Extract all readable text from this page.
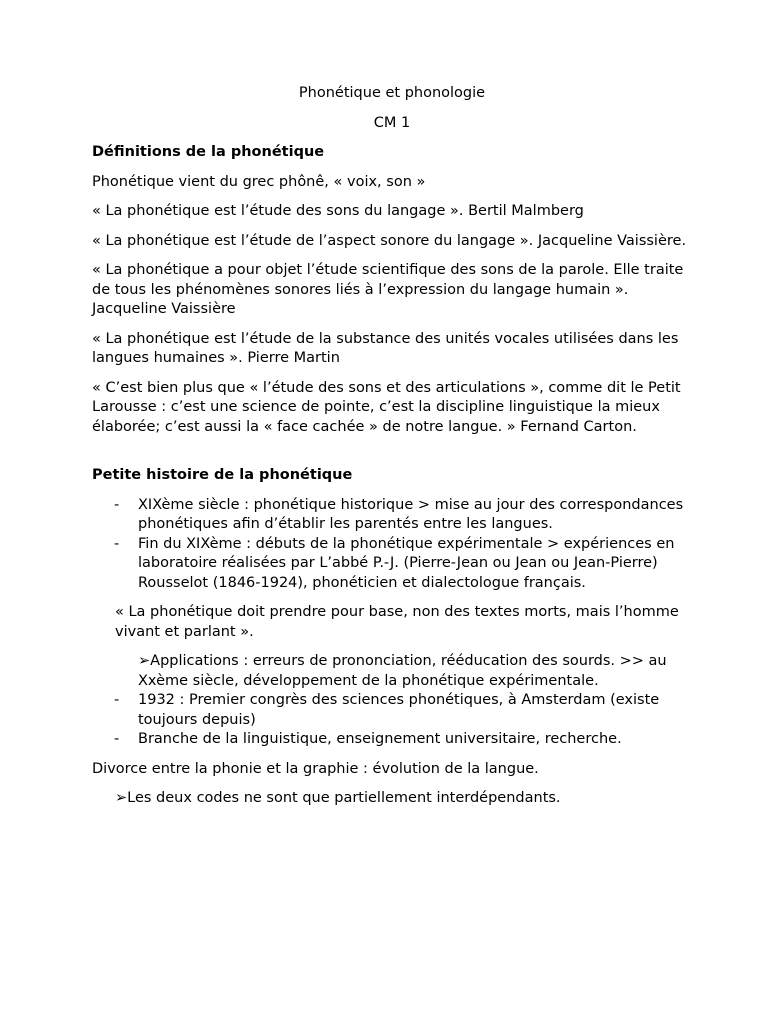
Phonétique et phonologie

CM 1

Définitions de la phonétique

Phonétique vient du grec phônê, « voix, son »

« La phonétique est l’étude des sons du langage ». Bertil Malmberg

« La phonétique est l’étude de l’aspect sonore du langage ». Jacqueline Vaissière.

« La phonétique a pour objet l’étude scientifique des sons de la parole. Elle traite de tous les phénomènes sonores liés à l’expression du langage humain ». Jacqueline Vaissière

« La phonétique est l’étude de la substance des unités vocales utilisées dans les langues humaines ». Pierre Martin

« C’est bien plus que « l’étude des sons et des articulations », comme dit le Petit Larousse : c’est une science de pointe, c’est la discipline linguistique la mieux élaborée; c’est aussi la « face cachée » de notre langue. » Fernand Carton.

Petite histoire de la phonétique

- XIXème siècle : phonétique historique > mise au jour des correspondances phonétiques afin d’établir les parentés entre les langues.
- Fin du XIXème : débuts de la phonétique expérimentale > expériences en laboratoire réalisées par L’abbé P.-J. (Pierre-Jean ou Jean ou Jean-Pierre) Rousselot (1846-1924), phonéticien et dialectologue français.

« La phonétique doit prendre pour base, non des textes morts, mais l’homme vivant et parlant ».

➢Applications : erreurs de prononciation, rééducation des sourds. >> au Xxème siècle, développement de la phonétique expérimentale.

- 1932 : Premier congrès des sciences phonétiques, à Amsterdam (existe toujours depuis)
- Branche de la linguistique, enseignement universitaire, recherche.

Divorce entre la phonie et la graphie : évolution de la langue.

➢Les deux codes ne sont que partiellement interdépendants.
